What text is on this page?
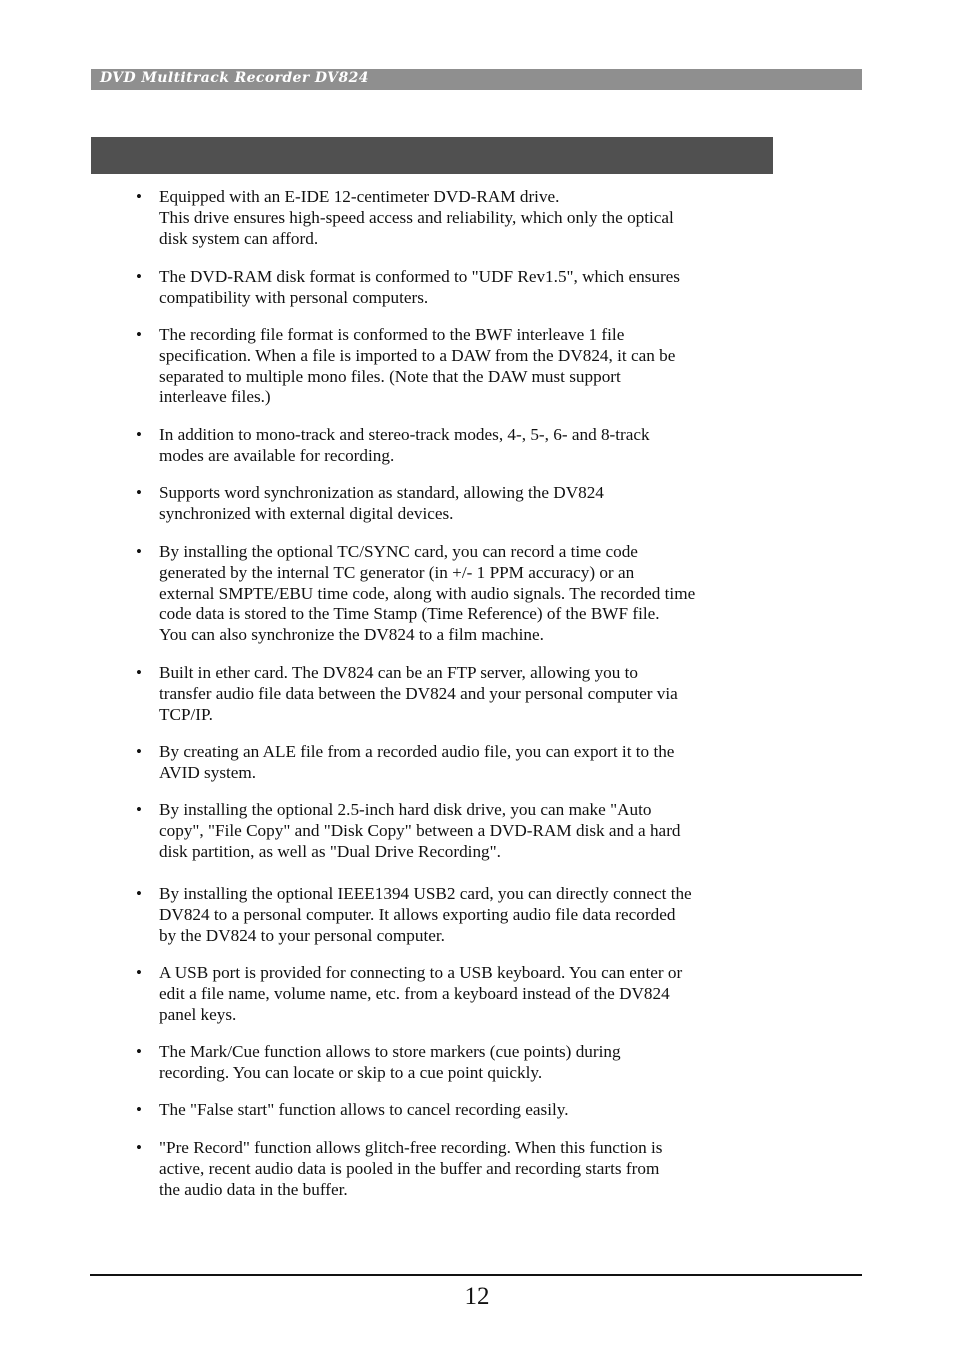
DVD Multitrack Recorder DV824
• Equipped with an E-IDE 12-centimeter DVD-RAM drive.
This drive ensures high-speed access and reliability, which only the optical
disk system can afford.
• The DVD-RAM disk format is conformed to "UDF Rev1.5", which ensures
compatibility with personal computers.
• The recording file format is conformed to the BWF interleave 1 file
specification. When a file is imported to a DAW from the DV824, it can be
separated to multiple mono files. (Note that the DAW must support
interleave files.)
• In addition to mono-track and stereo-track modes, 4-, 5-, 6- and 8-track
modes are available for recording.
• Supports word synchronization as standard, allowing the DV824
synchronized with external digital devices.
• By installing the optional TC/SYNC card, you can record a time code
generated by the internal TC generator (in +/- 1 PPM accuracy) or an
external SMPTE/EBU time code, along with audio signals. The recorded time
code data is stored to the Time Stamp (Time Reference) of the BWF file.
You can also synchronize the DV824 to a film machine.
• Built in ether card. The DV824 can be an FTP server, allowing you to
transfer audio file data between the DV824 and your personal computer via
TCP/IP.
• By creating an ALE file from a recorded audio file, you can export it to the
AVID system.
• By installing the optional 2.5-inch hard disk drive, you can make "Auto
copy", "File Copy" and "Disk Copy" between a DVD-RAM disk and a hard
disk partition, as well as "Dual Drive Recording".
• By installing the optional IEEE1394 USB2 card, you can directly connect the
DV824 to a personal computer. It allows exporting audio file data recorded
by the DV824 to your personal computer.
• A USB port is provided for connecting to a USB keyboard. You can enter or
edit a file name, volume name, etc. from a keyboard instead of the DV824
panel keys.
• The Mark/Cue function allows to store markers (cue points) during
recording. You can locate or skip to a cue point quickly.
• The "False start" function allows to cancel recording easily.
• "Pre Record" function allows glitch-free recording. When this function is
active, recent audio data is pooled in the buffer and recording starts from
the audio data in the buffer.
12
